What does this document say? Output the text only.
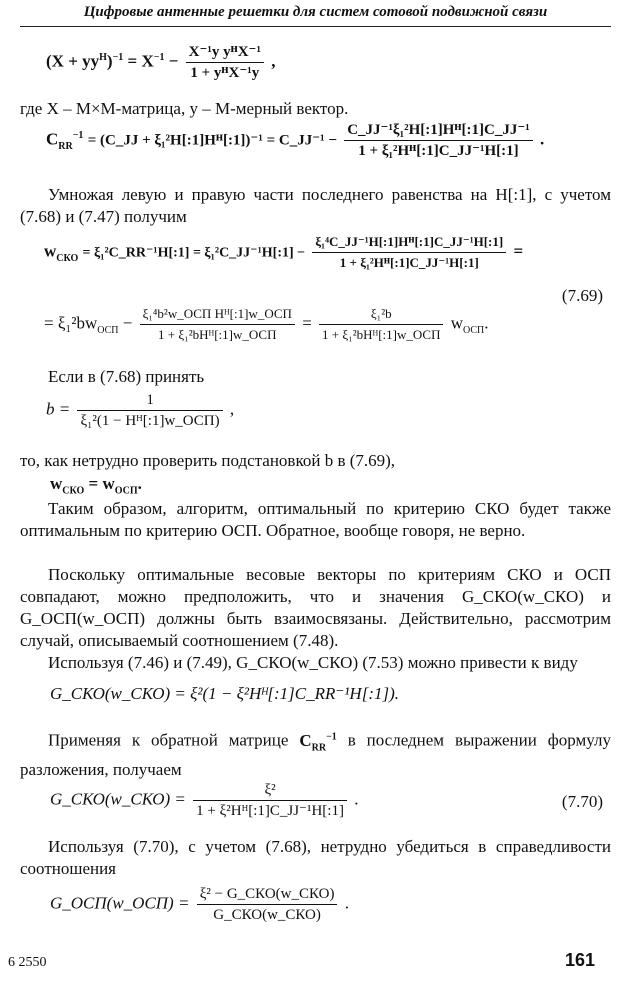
Цифровые антенные решетки для систем сотовой подвижной связи
$(X + yy^H)^{-1} = X^{-1} - \frac{\text{X⁻¹y yᴴX⁻¹}}{\text{1 + yᴴX⁻¹y}}$ ,
где X – M×M-матрица, y – M-мерный вектор.
$C_{RR}^{-1}$ = (C_JJ + ξ₁²H[:1]Hᴴ[:1])⁻¹ = C_JJ⁻¹ − $\frac{\text{C\_JJ⁻¹ξ₁²H[:1]Hᴴ[:1]C\_JJ⁻¹}}{\text{1 + ξ₁²Hᴴ[:1]C\_JJ⁻¹H[:1]}}$ .
Умножая левую и правую части последнего равенства на H[:1], с учетом (7.68) и (7.47) получим
$w_{СКО}$ = ξ₁²C_RR⁻¹H[:1] = ξ₁²C_JJ⁻¹H[:1] − $\frac{\text{ξ₁⁴C\_JJ⁻¹H[:1]Hᴴ[:1]C\_JJ⁻¹H[:1]}}{\text{1 + ξ₁²Hᴴ[:1]C\_JJ⁻¹H[:1]}}$ =
(7.69)
= $\xi_1^2bw_{ОСП} - \frac{\text{ξ₁⁴b²w\_ОСП Hᴴ[:1]w\_ОСП}}{\text{1 + ξ₁²bHᴴ[:1]w\_ОСП}} = \frac{\text{ξ₁²b}}{\text{1 + ξ₁²bHᴴ[:1]w\_ОСП}} w_{ОСП}$.
Если в (7.68) принять
$b = \frac{1}{\text{ξ₁²(1 − Hᴴ[:1]w\_ОСП)}}$ ,
то, как нетрудно проверить подстановкой b в (7.69),
$w_{СКО} = w_{ОСП}$.
Таким образом, алгоритм, оптимальный по критерию СКО будет также оптимальным по критерию ОСП. Обратное, вообще говоря, не верно.
Поскольку оптимальные весовые векторы по критериям СКО и ОСП совпадают, можно предположить, что и значения G_СКО(w_СКО) и G_ОСП(w_ОСП) должны быть взаимосвязаны. Действительно, рассмотрим случай, описываемый соотношением (7.48).
Используя (7.46) и (7.49), G_СКО(w_СКО) (7.53) можно привести к виду
G_СКО(w_СКО) = ξ²(1 − ξ²Hᴴ[:1]C_RR⁻¹H[:1]).
Применяя к обратной матрице $C_{RR}^{-1}$ в последнем выражении формулу разложения, получаем
G_СКО(w_СКО) = $\frac{\text{ξ²}}{\text{1 + ξ²Hᴴ[:1]C\_JJ⁻¹H[:1]}}$ .	(7.70)
Используя (7.70), с учетом (7.68), нетрудно убедиться в справедливости соотношения
G_ОСП(w_ОСП) = $\frac{\text{ξ² − G\_СКО(w\_СКО)}}{\text{G\_СКО(w\_СКО)}}$ .
6 2550	161
